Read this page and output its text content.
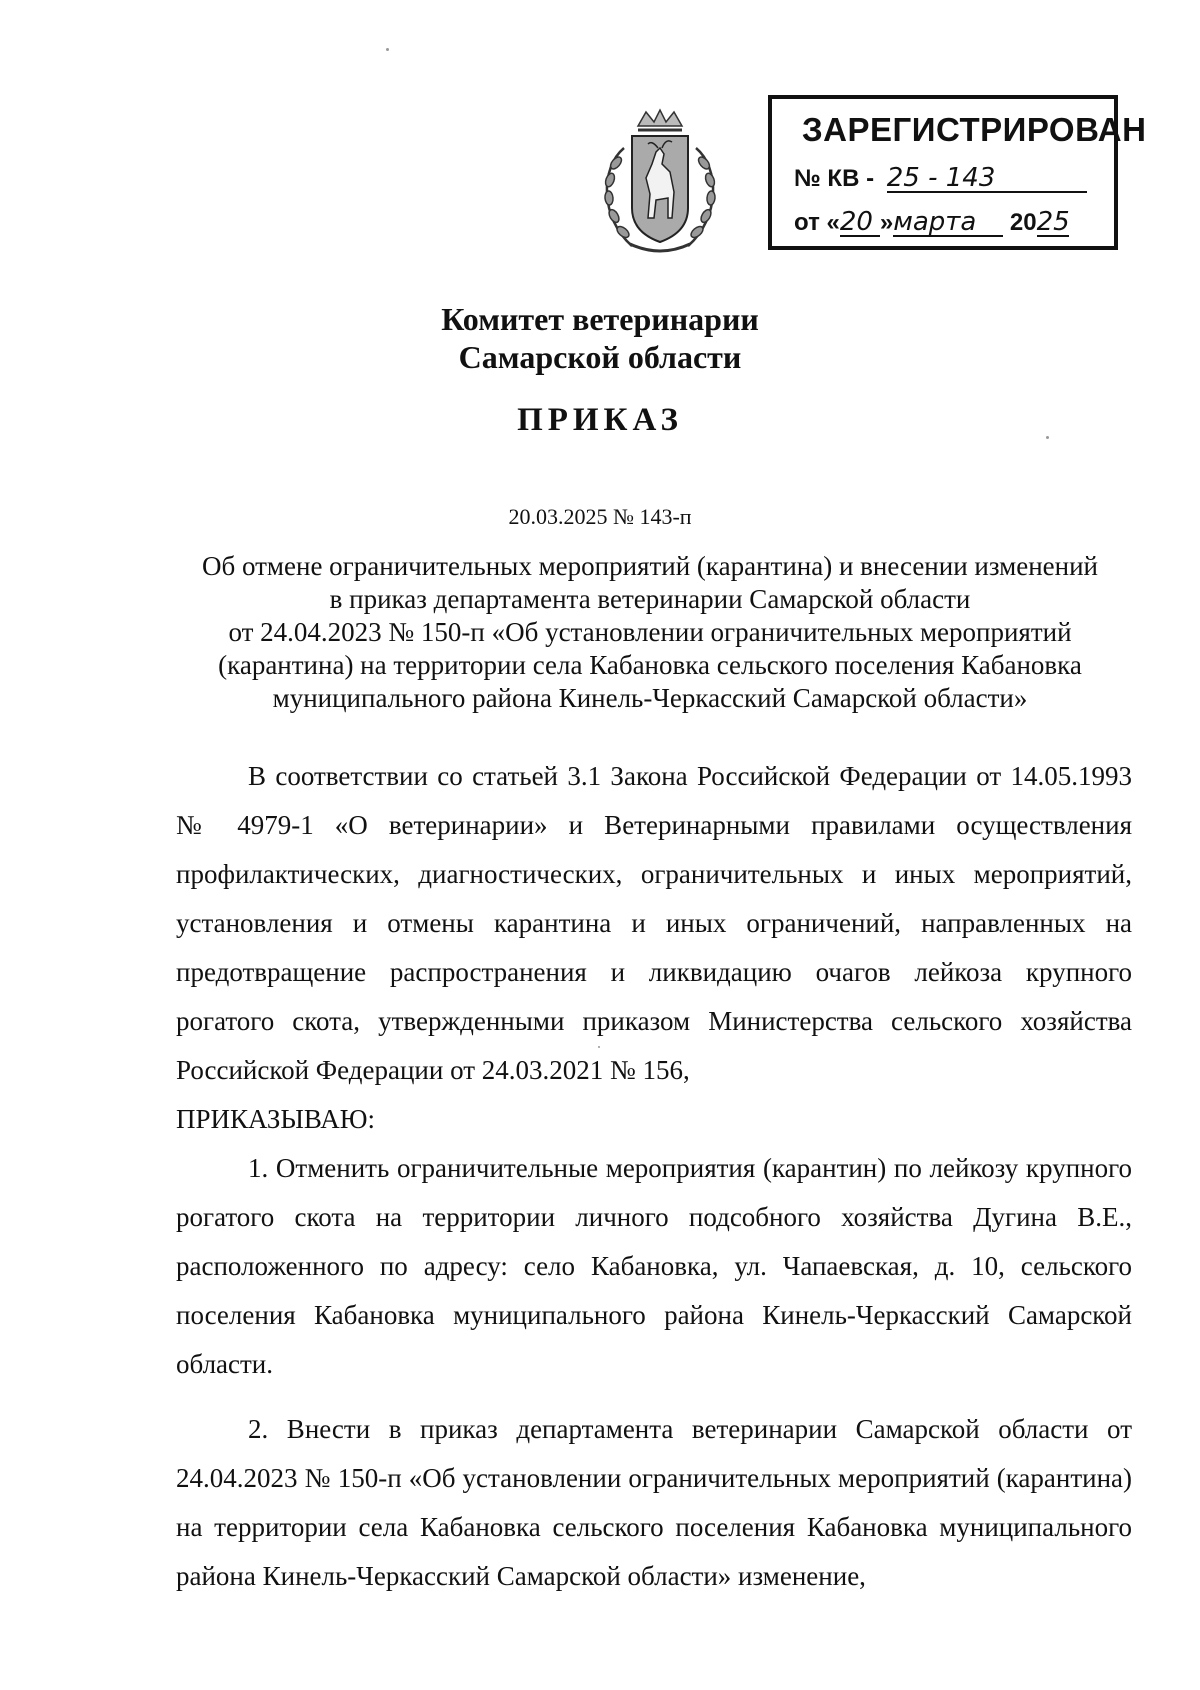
ЗАРЕГИСТРИРОВАН
№ КВ - 25 - 143
от «20 »марта 2025
Комитет ветеринарии
Самарской области
ПРИКАЗ
20.03.2025 № 143-п
Об отмене ограничительных мероприятий (карантина) и внесении изменений
в приказ департамента ветеринарии Самарской области
от 24.04.2023 № 150-п «Об установлении ограничительных мероприятий
(карантина) на территории села Кабановка сельского поселения Кабановка
муниципального района Кинель-Черкасский Самарской области»

В соответствии со статьей 3.1 Закона Российской Федерации от 14.05.1993 № 4979-1 «О ветеринарии» и Ветеринарными правилами осуществления профилактических, диагностических, ограничительных и иных мероприятий, установления и отмены карантина и иных ограничений, направленных на предотвращение распространения и ликвидацию очагов лейкоза крупного рогатого скота, утвержденными приказом Министерства сельского хозяйства Российской Федерации от 24.03.2021 № 156,

ПРИКАЗЫВАЮ:

1. Отменить ограничительные мероприятия (карантин) по лейкозу крупного рогатого скота на территории личного подсобного хозяйства Дугина В.Е., расположенного по адресу: село Кабановка, ул. Чапаевская, д. 10, сельского поселения Кабановка муниципального района Кинель-Черкасский Самарской области.

2. Внести в приказ департамента ветеринарии Самарской области от 24.04.2023 № 150-п «Об установлении ограничительных мероприятий (карантина) на территории села Кабановка сельского поселения Кабановка муниципального района Кинель-Черкасский Самарской области» изменение,
